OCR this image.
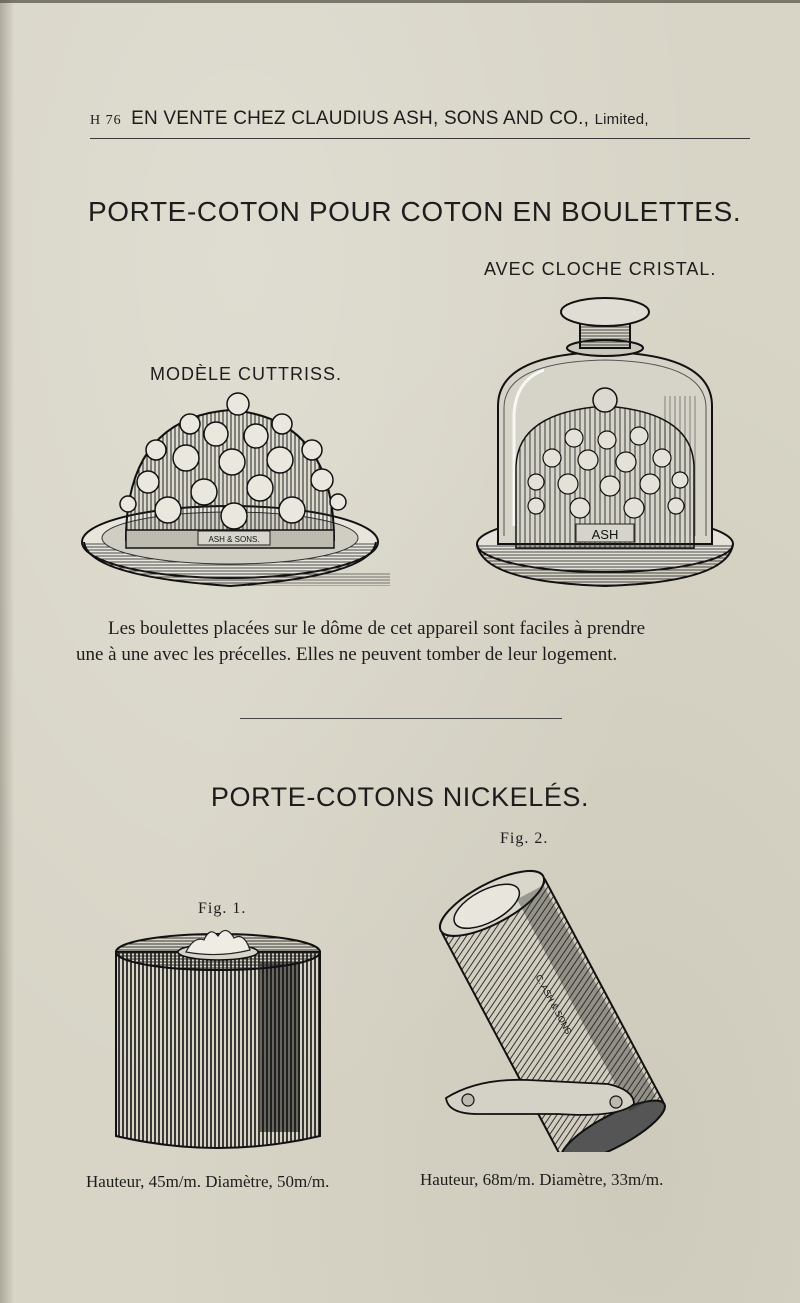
H 76 EN VENTE CHEZ CLAUDIUS ASH, SONS AND CO., Limited,
PORTE-COTON POUR COTON EN BOULETTES.
AVEC CLOCHE CRISTAL.
MODÈLE CUTTRISS.
ASH & SONS.	ASH
Les boulettes placées sur le dôme de cet appareil sont faciles à prendre
une à une avec les précelles. Elles ne peuvent tomber de leur logement.
PORTE-COTONS NICKELÉS.
Fig. 1.
Fig. 2.
C. ASH & SONS
Hauteur, 45m/m. Diamètre, 50m/m.	Hauteur, 68m/m. Diamètre, 33m/m.
